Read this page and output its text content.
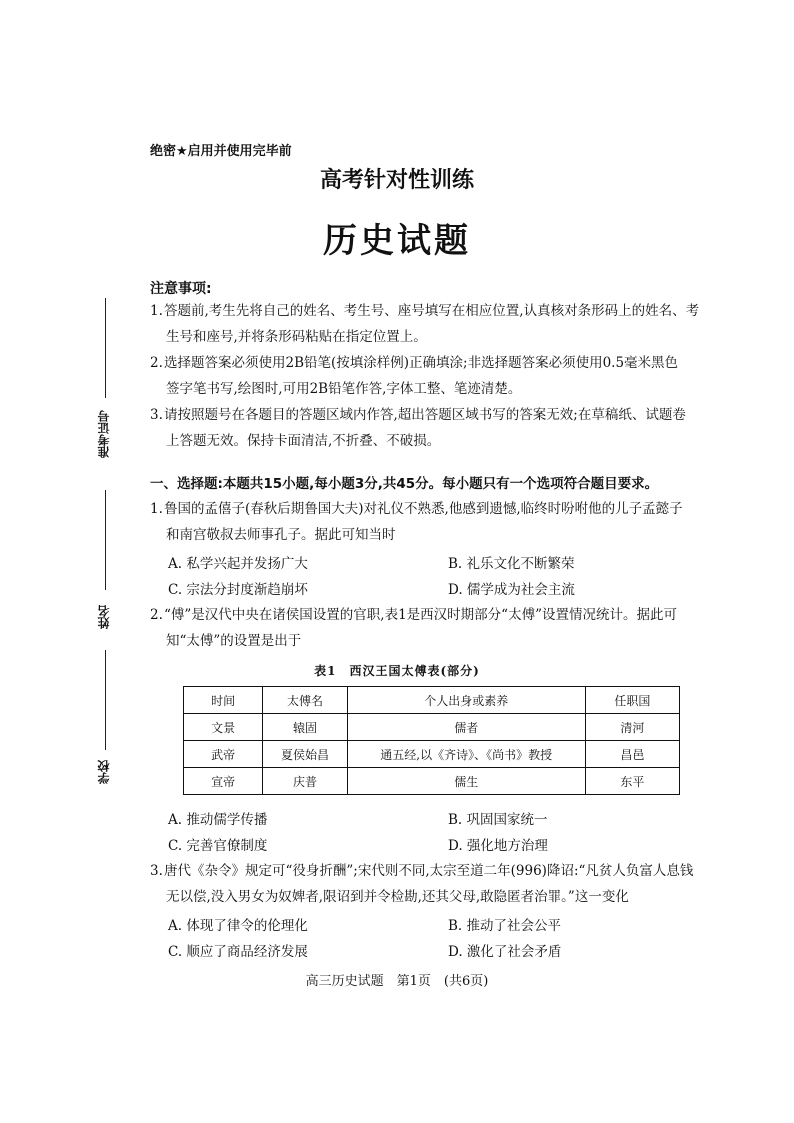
准考证号
姓名
学校
绝密★启用并使用完毕前
高考针对性训练
历史试题
注意事项:
1.答题前,考生先将自己的姓名、考生号、座号填写在相应位置,认真核对条形码上的姓名、考
生号和座号,并将条形码粘贴在指定位置上。
2.选择题答案必须使用2B铅笔(按填涂样例)正确填涂;非选择题答案必须使用0.5毫米黑色
签字笔书写,绘图时,可用2B铅笔作答,字体工整、笔迹清楚。
3.请按照题号在各题目的答题区域内作答,超出答题区域书写的答案无效;在草稿纸、试题卷
上答题无效。保持卡面清洁,不折叠、不破损。
一、选择题:本题共15小题,每小题3分,共45分。每小题只有一个选项符合题目要求。
1.鲁国的孟僖子(春秋后期鲁国大夫)对礼仪不熟悉,他感到遗憾,临终时吩咐他的儿子孟懿子
和南宫敬叔去师事孔子。据此可知当时
A. 私学兴起并发扬广大	B. 礼乐文化不断繁荣
C. 宗法分封度渐趋崩坏	D. 儒学成为社会主流
2.“傅”是汉代中央在诸侯国设置的官职,表1是西汉时期部分“太傅”设置情况统计。据此可
知“太傅”的设置是出于
表1　西汉王国太傅表(部分)
时间	太傅名	个人出身或素养	任职国
文景	辕固	儒者	清河
武帝	夏侯始昌	通五经,以《齐诗》、《尚书》教授	昌邑
宣帝	庆普	儒生	东平
A. 推动儒学传播	B. 巩固国家统一
C. 完善官僚制度	D. 强化地方治理
3.唐代《杂令》规定可“役身折酬”;宋代则不同,太宗至道二年(996)降诏:“凡贫人负富人息钱
无以偿,没入男女为奴婢者,限诏到并令检勘,还其父母,敢隐匿者治罪。”这一变化
A. 体现了律令的伦理化	B. 推动了社会公平
C. 顺应了商品经济发展	D. 激化了社会矛盾
高三历史试题　第1页　(共6页)
